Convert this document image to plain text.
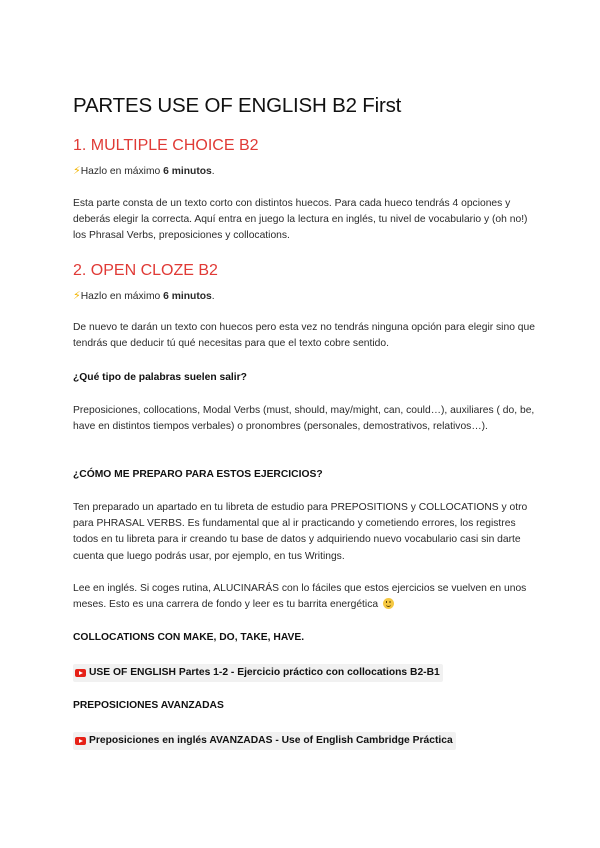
PARTES USE OF ENGLISH B2 First
1. MULTIPLE CHOICE B2

⚡Hazlo en máximo 6 minutos.

Esta parte consta de un texto corto con distintos huecos. Para cada hueco tendrás 4 opciones y deberás elegir la correcta. Aquí entra en juego la lectura en inglés, tu nivel de vocabulario y (oh no!) los Phrasal Verbs, preposiciones y collocations.

2. OPEN CLOZE B2

⚡Hazlo en máximo 6 minutos.

De nuevo te darán un texto con huecos pero esta vez no tendrás ninguna opción para elegir sino que tendrás que deducir tú qué necesitas para que el texto cobre sentido.

¿Qué tipo de palabras suelen salir?

Preposiciones, collocations, Modal Verbs (must, should, may/might, can, could…), auxiliares ( do, be, have en distintos tiempos verbales) o pronombres (personales, demostrativos, relativos…).

¿CÓMO ME PREPARO PARA ESTOS EJERCICIOS?

Ten preparado un apartado en tu libreta de estudio para PREPOSITIONS y COLLOCATIONS y otro para PHRASAL VERBS. Es fundamental que al ir practicando y cometiendo errores, los registres todos en tu libreta para ir creando tu base de datos y adquiriendo nuevo vocabulario casi sin darte cuenta que luego podrás usar, por ejemplo, en tus Writings.

Lee en inglés. Si coges rutina, ALUCINARÁS con lo fáciles que estos ejercicios se vuelven en unos meses. Esto es una carrera de fondo y leer es tu barrita energética

COLLOCATIONS CON MAKE, DO, TAKE, HAVE.

USE OF ENGLISH Partes 1-2 - Ejercicio práctico con collocations B2-B1

PREPOSICIONES AVANZADAS

Preposiciones en inglés AVANZADAS - Use of English Cambridge Práctica
